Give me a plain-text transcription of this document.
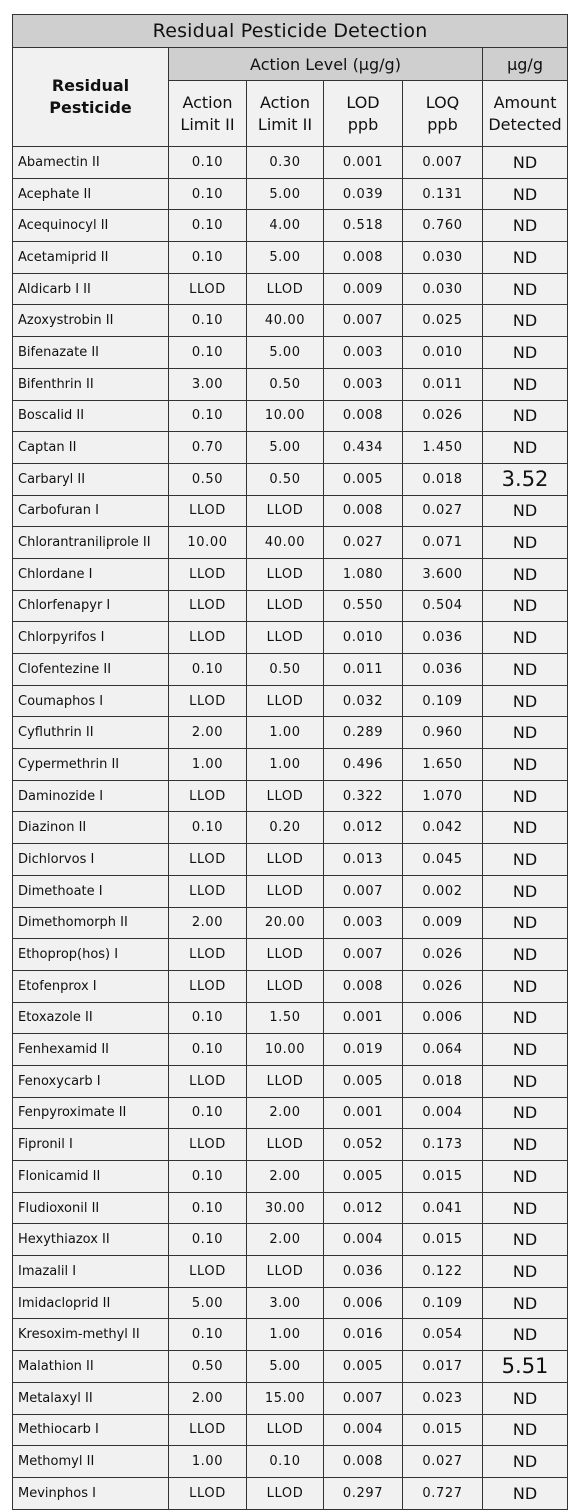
Residual Pesticide Detection					
Residual Pesticide	Action Level (µg/g)				µg/g
	Action Limit II	Action Limit II	LOD ppb	LOQ ppb	Amount Detected
Abamectin II	0.10	0.30	0.001	0.007	ND
Acephate II	0.10	5.00	0.039	0.131	ND
Acequinocyl II	0.10	4.00	0.518	0.760	ND
Acetamiprid II	0.10	5.00	0.008	0.030	ND
Aldicarb I II	LLOD	LLOD	0.009	0.030	ND
Azoxystrobin II	0.10	40.00	0.007	0.025	ND
Bifenazate II	0.10	5.00	0.003	0.010	ND
Bifenthrin II	3.00	0.50	0.003	0.011	ND
Boscalid II	0.10	10.00	0.008	0.026	ND
Captan II	0.70	5.00	0.434	1.450	ND
Carbaryl II	0.50	0.50	0.005	0.018	3.52
Carbofuran I	LLOD	LLOD	0.008	0.027	ND
Chlorantraniliprole II	10.00	40.00	0.027	0.071	ND
Chlordane I	LLOD	LLOD	1.080	3.600	ND
Chlorfenapyr I	LLOD	LLOD	0.550	0.504	ND
Chlorpyrifos I	LLOD	LLOD	0.010	0.036	ND
Clofentezine II	0.10	0.50	0.011	0.036	ND
Coumaphos I	LLOD	LLOD	0.032	0.109	ND
Cyfluthrin II	2.00	1.00	0.289	0.960	ND
Cypermethrin II	1.00	1.00	0.496	1.650	ND
Daminozide I	LLOD	LLOD	0.322	1.070	ND
Diazinon II	0.10	0.20	0.012	0.042	ND
Dichlorvos I	LLOD	LLOD	0.013	0.045	ND
Dimethoate I	LLOD	LLOD	0.007	0.002	ND
Dimethomorph II	2.00	20.00	0.003	0.009	ND
Ethoprop(hos) I	LLOD	LLOD	0.007	0.026	ND
Etofenprox I	LLOD	LLOD	0.008	0.026	ND
Etoxazole II	0.10	1.50	0.001	0.006	ND
Fenhexamid II	0.10	10.00	0.019	0.064	ND
Fenoxycarb I	LLOD	LLOD	0.005	0.018	ND
Fenpyroximate II	0.10	2.00	0.001	0.004	ND
Fipronil I	LLOD	LLOD	0.052	0.173	ND
Flonicamid II	0.10	2.00	0.005	0.015	ND
Fludioxonil II	0.10	30.00	0.012	0.041	ND
Hexythiazox II	0.10	2.00	0.004	0.015	ND
Imazalil I	LLOD	LLOD	0.036	0.122	ND
Imidacloprid II	5.00	3.00	0.006	0.109	ND
Kresoxim-methyl II	0.10	1.00	0.016	0.054	ND
Malathion II	0.50	5.00	0.005	0.017	5.51
Metalaxyl II	2.00	15.00	0.007	0.023	ND
Methiocarb I	LLOD	LLOD	0.004	0.015	ND
Methomyl II	1.00	0.10	0.008	0.027	ND
Mevinphos I	LLOD	LLOD	0.297	0.727	ND
